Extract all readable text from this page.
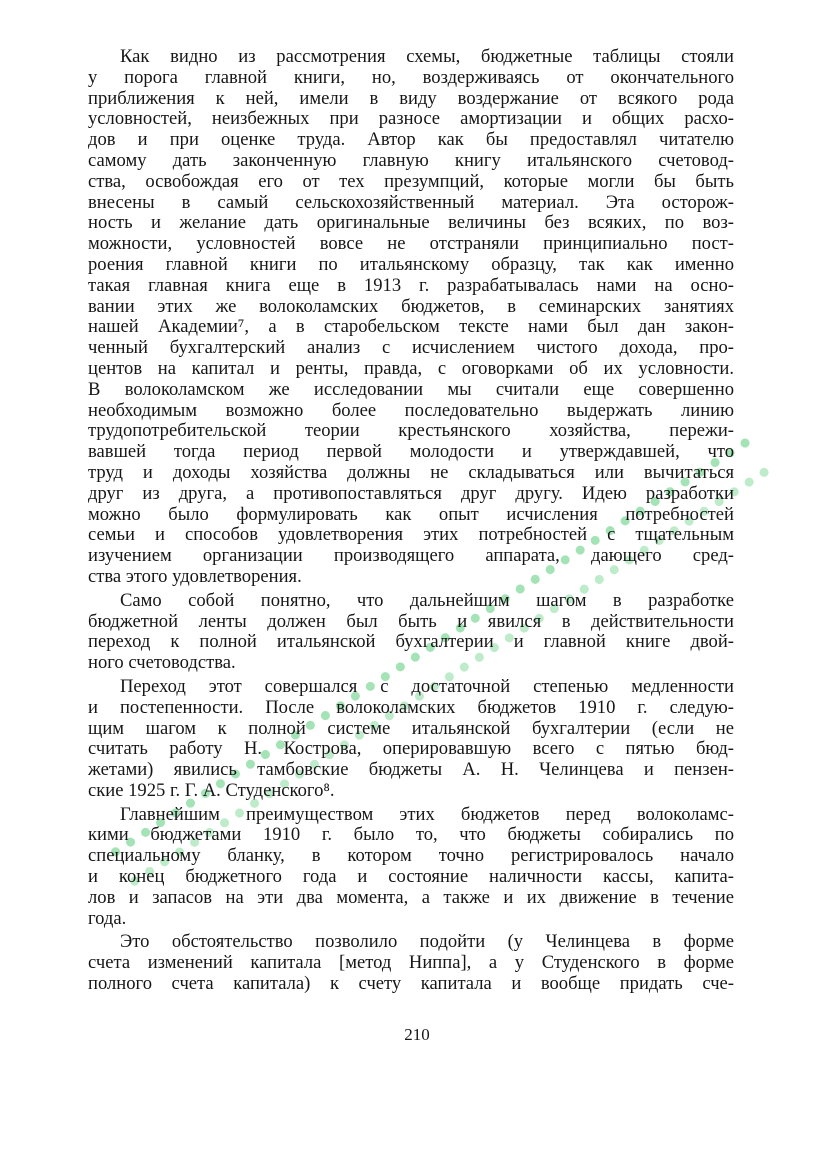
Как видно из рассмотрения схемы, бюджетные таблицы стояли
у порога главной книги, но, воздерживаясь от окончательного
приближения к ней, имели в виду воздержание от всякого рода
условностей, неизбежных при разносе амортизации и общих расхо-
дов и при оценке труда. Автор как бы предоставлял читателю
самому дать законченную главную книгу итальянского счетовод-
ства, освобождая его от тех презумпций, которые могли бы быть
внесены в самый сельскохозяйственный материал. Эта осторож-
ность и желание дать оригинальные величины без всяких, по воз-
можности, условностей вовсе не отстраняли принципиально пост-
роения главной книги по итальянскому образцу, так как именно
такая главная книга еще в 1913 г. разрабатывалась нами на осно-
вании этих же волоколамских бюджетов, в семинарских занятиях
нашей Академии⁷, а в старобельском тексте нами был дан закон-
ченный бухгалтерский анализ с исчислением чистого дохода, про-
центов на капитал и ренты, правда, с оговорками об их условности.
В волоколамском же исследовании мы считали еще совершенно
необходимым возможно более последовательно выдержать линию
трудопотребительской теории крестьянского хозяйства, пережи-
вавшей тогда период первой молодости и утверждавшей, что
труд и доходы хозяйства должны не складываться или вычитаться
друг из друга, а противопоставляться друг другу. Идею разработки
можно было формулировать как опыт исчисления потребностей
семьи и способов удовлетворения этих потребностей с тщательным
изучением организации производящего аппарата, дающего сред-
ства этого удовлетворения.
Само собой понятно, что дальнейшим шагом в разработке
бюджетной ленты должен был быть и явился в действительности
переход к полной итальянской бухгалтерии и главной книге двой-
ного счетоводства.
Переход этот совершался с достаточной степенью медленности
и постепенности. После волоколамских бюджетов 1910 г. следую-
щим шагом к полной системе итальянской бухгалтерии (если не
считать работу Н. Кострова, оперировавшую всего с пятью бюд-
жетами) явились тамбовские бюджеты А. Н. Челинцева и пензен-
ские 1925 г. Г. А. Студенского⁸.
Главнейшим преимуществом этих бюджетов перед волоколамс-
кими бюджетами 1910 г. было то, что бюджеты собирались по
специальному бланку, в котором точно регистрировалось начало
и конец бюджетного года и состояние наличности кассы, капита-
лов и запасов на эти два момента, а также и их движение в течение
года.
Это обстоятельство позволило подойти (у Челинцева в форме
счета изменений капитала [метод Ниппа], а у Студенского в форме
полного счета капитала) к счету капитала и вообще придать сче-
210
